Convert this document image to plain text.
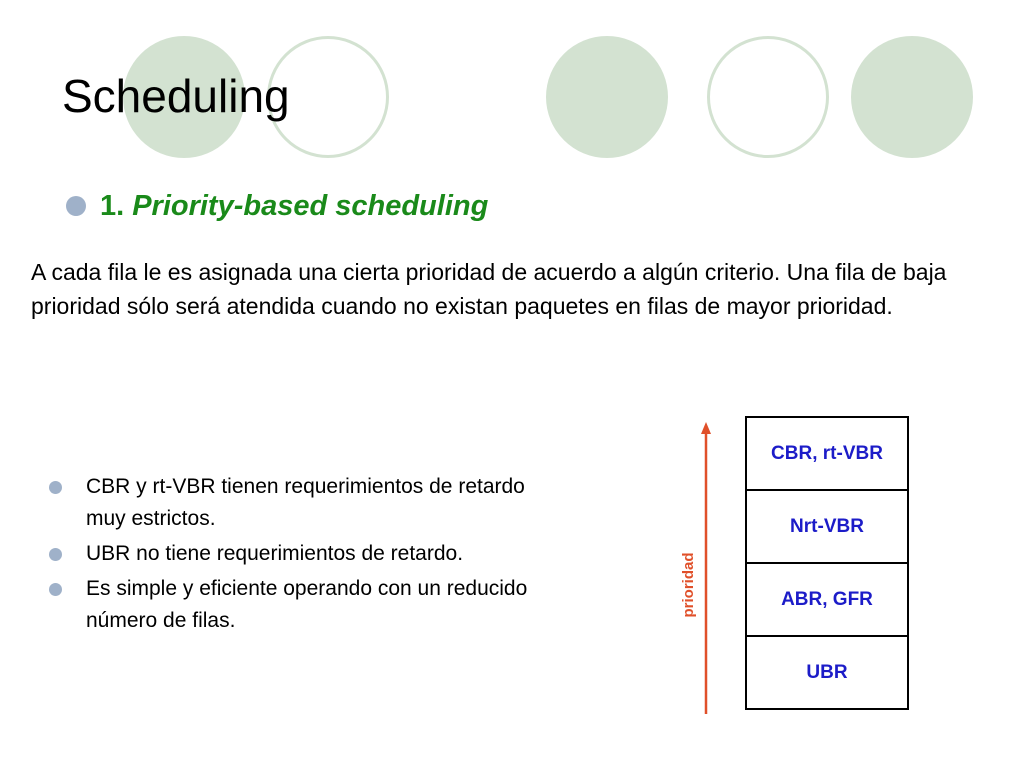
Scheduling
1. Priority-based scheduling
A cada fila le es asignada una cierta prioridad de acuerdo a algún criterio. Una fila de baja prioridad sólo será atendida cuando no existan paquetes en filas de mayor prioridad.
CBR y rt-VBR tienen requerimientos de retardo muy estrictos.
UBR no tiene requerimientos de retardo.
Es simple y eficiente operando con un reducido número de filas.
prioridad
CBR, rt-VBR
Nrt-VBR
ABR, GFR
UBR
